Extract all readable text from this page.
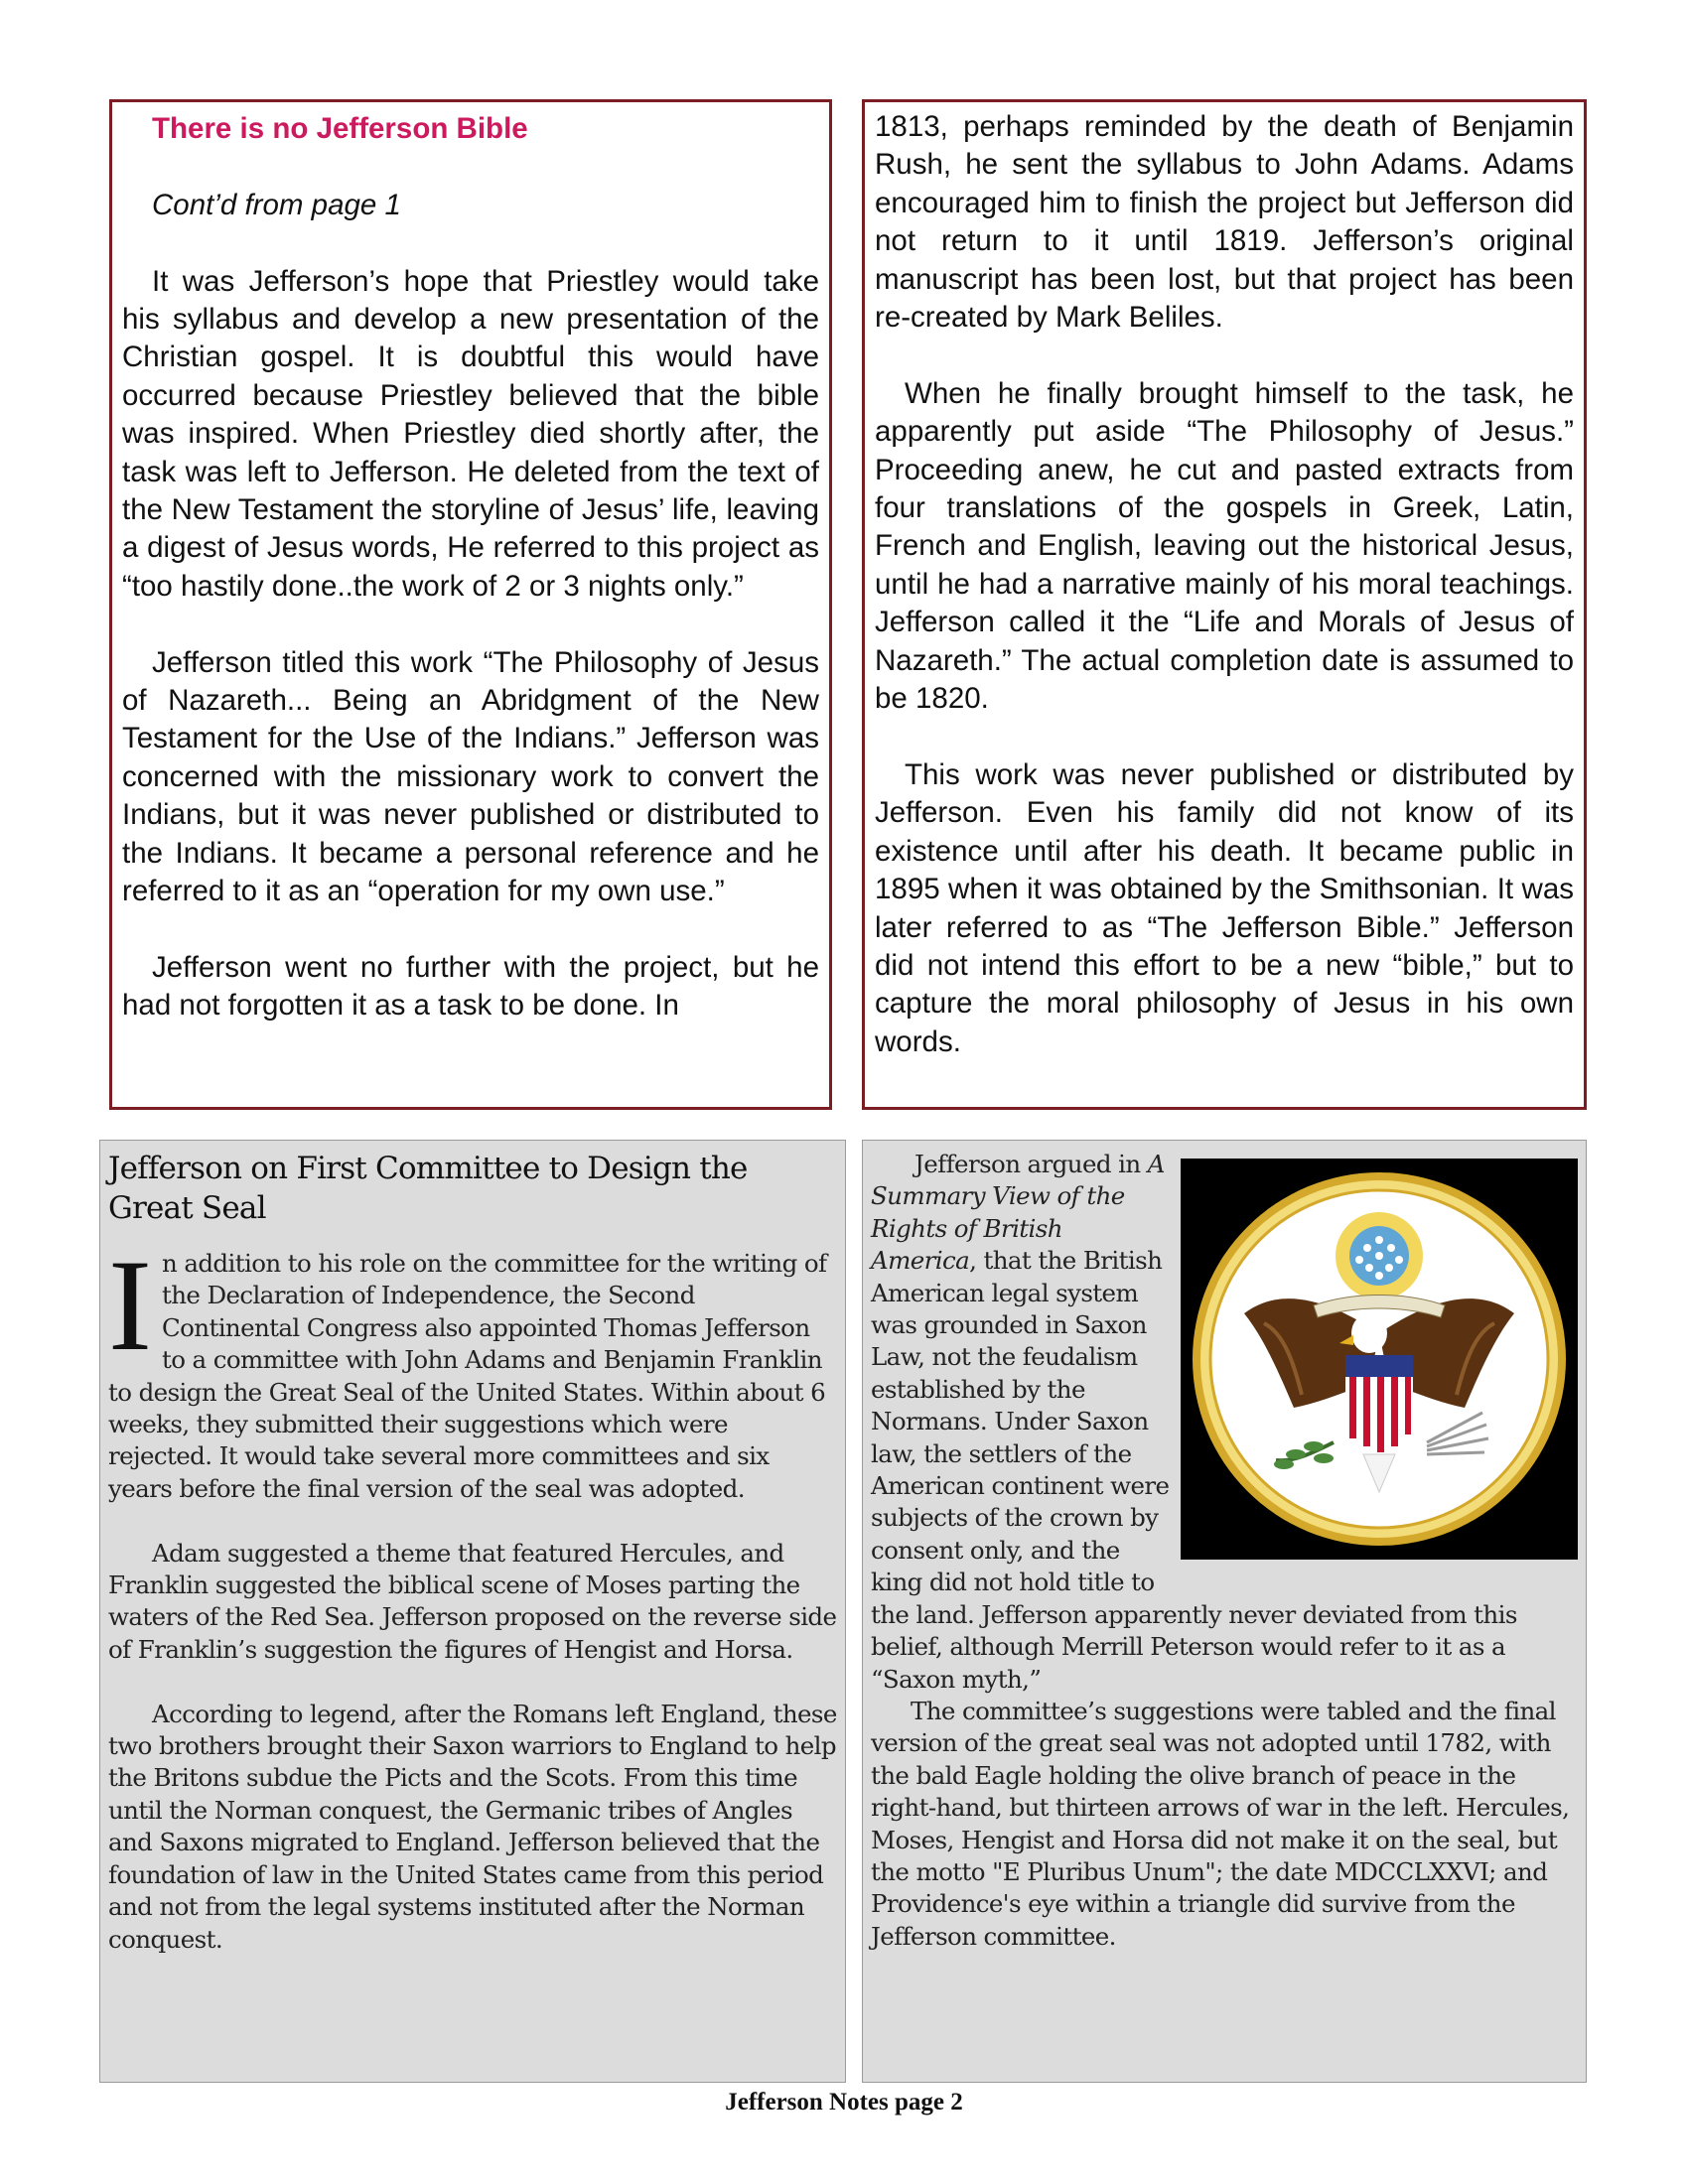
There is no Jefferson Bible

Cont’d from page 1

It was Jefferson’s hope that Priestley would take his syllabus and develop a new presentation of the Christian gospel. It is doubtful this would have occurred because Priestley believed that the bible was inspired. When Priestley died shortly after, the task was left to Jefferson. He deleted from the text of the New Testament the storyline of Jesus’ life, leaving a digest of Jesus words, He referred to this project as “too hastily done..the work of 2 or 3 nights only.”

Jefferson titled this work “The Philosophy of Jesus of Nazareth... Being an Abridgment of the New Testament for the Use of the Indians.” Jefferson was concerned with the missionary work to convert the Indians, but it was never published or distributed to the Indians. It became a personal reference and he referred to it as an “operation for my own use.”

Jefferson went no further with the project, but he had not forgotten it as a task to be done. In

1813, perhaps reminded by the death of Benjamin Rush, he sent the syllabus to John Adams. Adams encouraged him to finish the project but Jefferson did not return to it until 1819. Jefferson’s original manuscript has been lost, but that project has been re-created by Mark Beliles.

When he finally brought himself to the task, he apparently put aside “The Philosophy of Jesus.” Proceeding anew, he cut and pasted extracts from four translations of the gospels in Greek, Latin, French and English, leaving out the historical Jesus, until he had a narrative mainly of his moral teachings. Jefferson called it the “Life and Morals of Jesus of Nazareth.” The actual completion date is assumed to be 1820.

This work was never published or distributed by Jefferson. Even his family did not know of its existence until after his death. It became public in 1895 when it was obtained by the Smithsonian. It was later referred to as “The Jefferson Bible.” Jefferson did not intend this effort to be a new “bible,” but to capture the moral philosophy of Jesus in his own words.

Jefferson on First Committee to Design the Great Seal
I n addition to his role on the committee for the writing of the Declaration of Independence, the Second Continental Congress also appointed Thomas Jefferson to a committee with John Adams and Benjamin Franklin to design the Great Seal of the United States. Within about 6 weeks, they submitted their suggestions which were rejected. It would take several more committees and six years before the final version of the seal was adopted.

Adam suggested a theme that featured Hercules, and Franklin suggested the biblical scene of Moses parting the waters of the Red Sea. Jefferson proposed on the reverse side of Franklin’s suggestion the figures of Hengist and Horsa.

According to legend, after the Romans left England, these two brothers brought their Saxon warriors to England to help the Britons subdue the Picts and the Scots. From this time until the Norman conquest, the Germanic tribes of Angles and Saxons migrated to England. Jefferson believed that the foundation of law in the United States came from this period and not from the legal systems instituted after the Norman conquest.

Jefferson argued in A Summary View of the Rights of British America, that the British American legal system was grounded in Saxon Law, not the feudalism established by the Normans. Under Saxon law, the settlers of the American continent were subjects of the crown by consent only, and the king did not hold title to the land. Jefferson apparently never deviated from this belief, although Merrill Peterson would refer to it as a “Saxon myth,”

The committee’s suggestions were tabled and the final version of the great seal was not adopted until 1782, with the bald Eagle holding the olive branch of peace in the right-hand, but thirteen arrows of war in the left. Hercules, Moses, Hengist and Horsa did not make it on the seal, but the motto "E Pluribus Unum"; the date MDCCLXXVI; and Providence's eye within a triangle did survive from the Jefferson committee.

Jefferson Notes page 2
